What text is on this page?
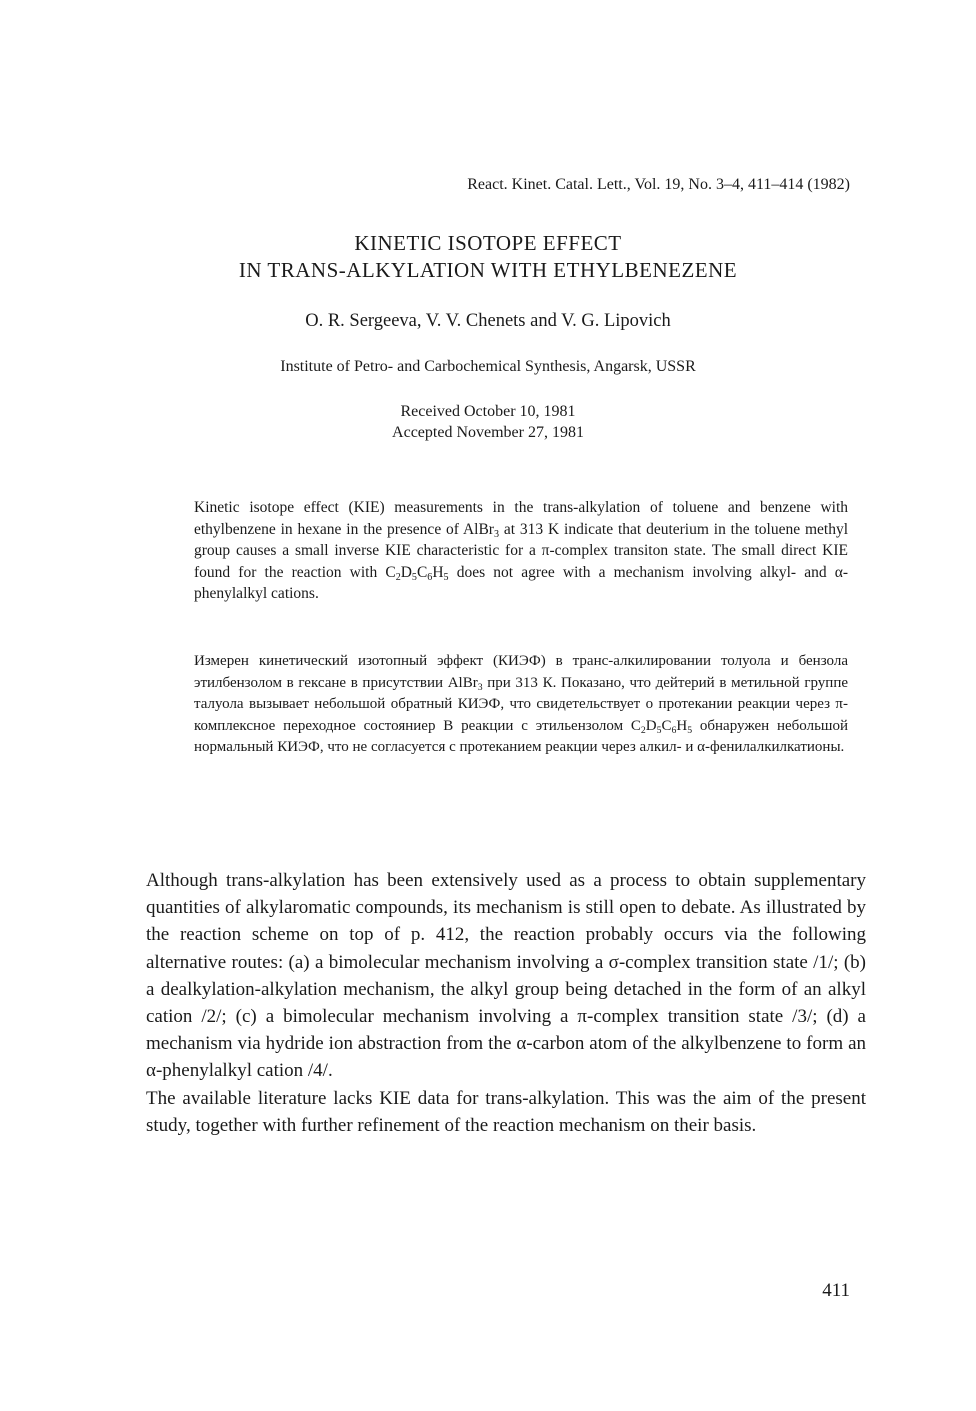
React. Kinet. Catal. Lett., Vol. 19, No. 3–4, 411–414 (1982)
KINETIC ISOTOPE EFFECT
IN TRANS-ALKYLATION WITH ETHYLBENEZENE
O. R. Sergeeva, V. V. Chenets and V. G. Lipovich
Institute of Petro- and Carbochemical Synthesis, Angarsk, USSR
Received October 10, 1981
Accepted November 27, 1981
Kinetic isotope effect (KIE) measurements in the trans-alkylation of toluene and benzene with ethylbenzene in hexane in the presence of AlBr$_3$ at 313 K indicate that deuterium in the toluene methyl group causes a small inverse KIE characteristic for a π-complex transiton state. The small direct KIE found for the reaction with $C_2D_5C_6H_5$ does not agree with a mechanism involving alkyl- and α-phenylalkyl cations.
Измерен кинетический изотопный эффект (КИЭФ) в транс-алкилировании толуола и бензола этилбензолом в гексане в присутствии AlBr$_3$ при 313 К. Показано, что дейтерий в метильной группе талуола вызывает небольшой обратный КИЭФ, что свидетельствует о протекании реакции через π-комплексное переходное состояниер В реакции с этильензолом $C_2D_5C_6H_5$ обнаружен небольшой нормальный КИЭФ, что не согласуется с протеканием реакции через алкил- и α-фенилалкилкатионы.

Although trans-alkylation has been extensively used as a process to obtain supplementary quantities of alkylaromatic compounds, its mechanism is still open to debate. As illustrated by the reaction scheme on top of p. 412, the reaction probably occurs via the following alternative routes: (a) a bimolecular mechanism involving a σ-complex transition state /1/; (b) a dealkylation-alkylation mechanism, the alkyl group being detached in the form of an alkyl cation /2/; (c) a bimolecular mechanism involving a π-complex transition state /3/; (d) a mechanism via hydride ion abstraction from the α-carbon atom of the alkylbenzene to form an α-phenylalkyl cation /4/.

The available literature lacks KIE data for trans-alkylation. This was the aim of the present study, together with further refinement of the reaction mechanism on their basis.

411
